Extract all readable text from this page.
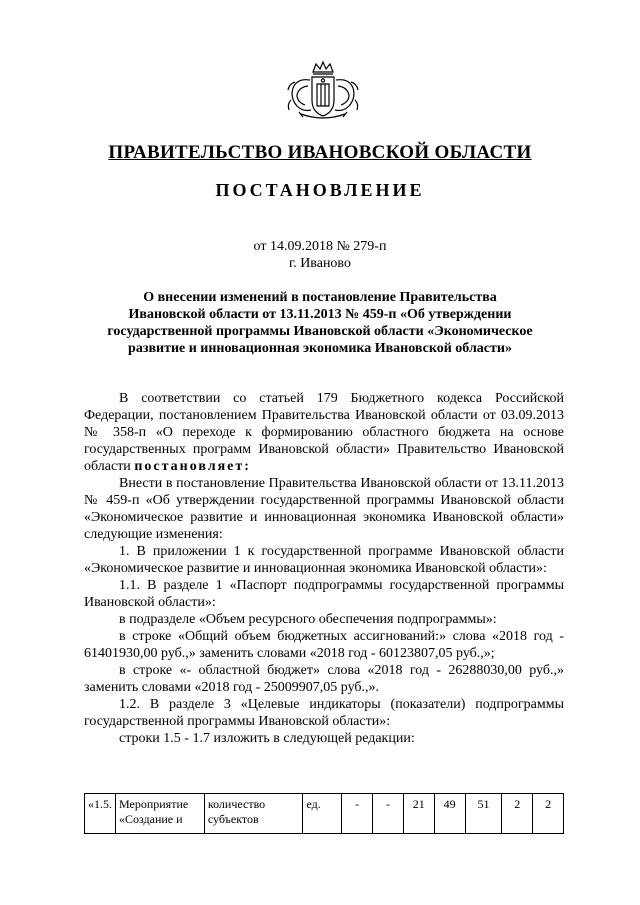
ПРАВИТЕЛЬСТВО ИВАНОВСКОЙ ОБЛАСТИ
ПОСТАНОВЛЕНИЕ
от 14.09.2018 № 279-п
г. Иваново
О внесении изменений в постановление Правительства
Ивановской области от 13.11.2013 № 459-п «Об утверждении
государственной программы Ивановской области «Экономическое
развитие и инновационная экономика Ивановской области»

В соответствии со статьей 179 Бюджетного кодекса Российской Федерации, постановлением Правительства Ивановской области от 03.09.2013 № 358-п «О переходе к формированию областного бюджета на основе государственных программ Ивановской области» Правительство Ивановской области постановляет:

Внести в постановление Правительства Ивановской области от 13.11.2013 № 459-п «Об утверждении государственной программы Ивановской области «Экономическое развитие и инновационная экономика Ивановской области» следующие изменения:

1. В приложении 1 к государственной программе Ивановской области «Экономическое развитие и инновационная экономика Ивановской области»:

1.1. В разделе 1 «Паспорт подпрограммы государственной программы Ивановской области»:

в подразделе «Объем ресурсного обеспечения подпрограммы»:

в строке «Общий объем бюджетных ассигнований:» слова «2018 год - 61401930,00 руб.,» заменить словами «2018 год - 60123807,05 руб.,»;

в строке «- областной бюджет» слова «2018 год - 26288030,00 руб.,» заменить словами «2018 год - 25009907,05 руб.,».

1.2. В разделе 3 «Целевые индикаторы (показатели) подпрограммы государственной программы Ивановской области»:

строки 1.5 - 1.7 изложить в следующей редакции:

«1.5.	Мероприятие «Создание и	количество субъектов	ед.	-	-	21	49	51	2	2
